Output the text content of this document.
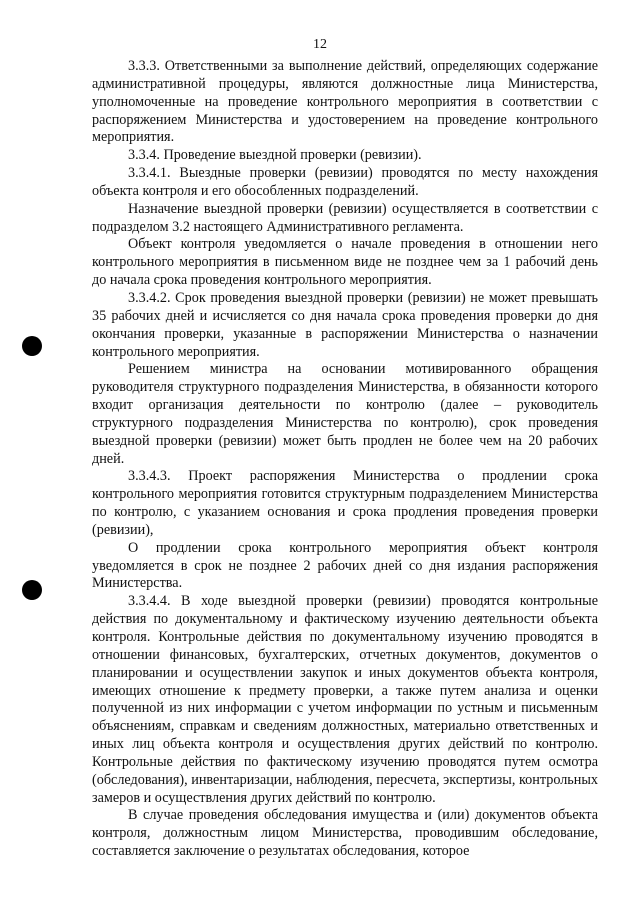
12

3.3.3. Ответственными за выполнение действий, определяющих содержание административной процедуры, являются должностные лица Министерства, уполномоченные на проведение контрольного мероприятия в соответствии с распоряжением Министерства и удостоверением на проведение контрольного мероприятия.

3.3.4. Проведение выездной проверки (ревизии).

3.3.4.1. Выездные проверки (ревизии) проводятся по месту нахождения объекта контроля и его обособленных подразделений.

Назначение выездной проверки (ревизии) осуществляется в соответствии с подразделом 3.2 настоящего Административного регламента.

Объект контроля уведомляется о начале проведения в отношении него контрольного мероприятия в письменном виде не позднее чем за 1 рабочий день до начала срока проведения контрольного мероприятия.

3.3.4.2. Срок проведения выездной проверки (ревизии) не может превышать 35 рабочих дней и исчисляется со дня начала срока проведения проверки до дня окончания проверки, указанные в распоряжении Министерства о назначении контрольного мероприятия.

Решением министра на основании мотивированного обращения руководителя структурного подразделения Министерства, в обязанности которого входит организация деятельности по контролю (далее – руководитель структурного подразделения Министерства по контролю), срок проведения выездной проверки (ревизии) может быть продлен не более чем на 20 рабочих дней.

3.3.4.3. Проект распоряжения Министерства о продлении срока контрольного мероприятия готовится структурным подразделением Министерства по контролю, с указанием основания и срока продления проведения проверки (ревизии),

О продлении срока контрольного мероприятия объект контроля уведомляется в срок не позднее 2 рабочих дней со дня издания распоряжения Министерства.

3.3.4.4. В ходе выездной проверки (ревизии) проводятся контрольные действия по документальному и фактическому изучению деятельности объекта контроля. Контрольные действия по документальному изучению проводятся в отношении финансовых, бухгалтерских, отчетных документов, документов о планировании и осуществлении закупок и иных документов объекта контроля, имеющих отношение к предмету проверки, а также путем анализа и оценки полученной из них информации с учетом информации по устным и письменным объяснениям, справкам и сведениям должностных, материально ответственных и иных лиц объекта контроля и осуществления других действий по контролю. Контрольные действия по фактическому изучению проводятся путем осмотра (обследования), инвентаризации, наблюдения, пересчета, экспертизы, контрольных замеров и осуществления других действий по контролю.

В случае проведения обследования имущества и (или) документов объекта контроля, должностным лицом Министерства, проводившим обследование, составляется заключение о результатах обследования, которое
